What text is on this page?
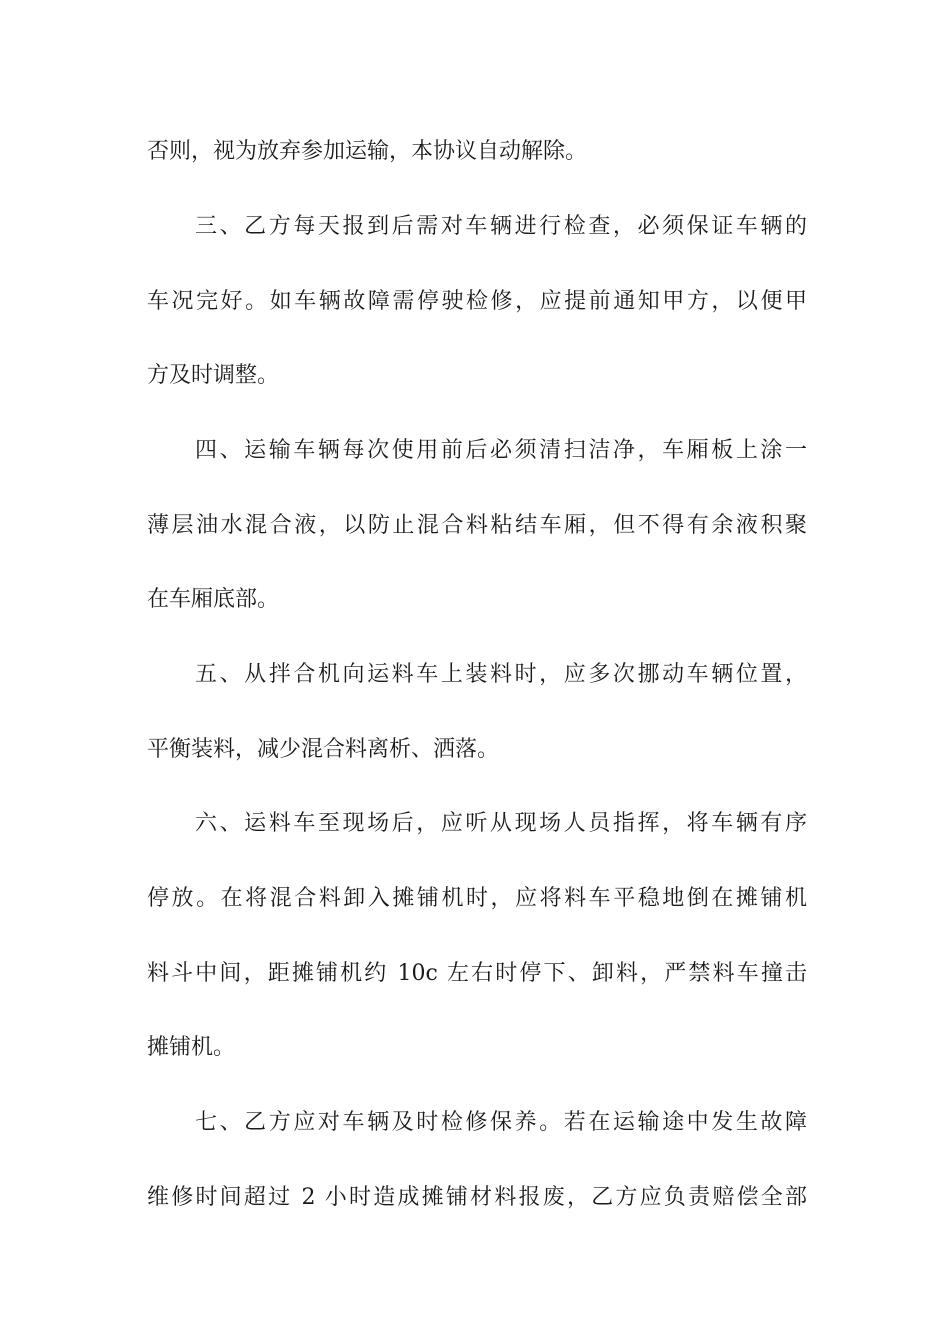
否则，视为放弃参加运输，本协议自动解除。
三、乙方每天报到后需对车辆进行检查，必须保证车辆的
车况完好。如车辆故障需停驶检修，应提前通知甲方，以便甲
方及时调整。
四、运输车辆每次使用前后必须清扫洁净，车厢板上涂一
薄层油水混合液，以防止混合料粘结车厢，但不得有余液积聚
在车厢底部。
五、从拌合机向运料车上装料时，应多次挪动车辆位置，
平衡装料，减少混合料离析、洒落。
六、运料车至现场后，应听从现场人员指挥，将车辆有序
停放。在将混合料卸入摊铺机时，应将料车平稳地倒在摊铺机
料斗中间，距摊铺机约 10c 左右时停下、卸料，严禁料车撞击
摊铺机。
七、乙方应对车辆及时检修保养。若在运输途中发生故障
维修时间超过 2 小时造成摊铺材料报废，乙方应负责赔偿全部
